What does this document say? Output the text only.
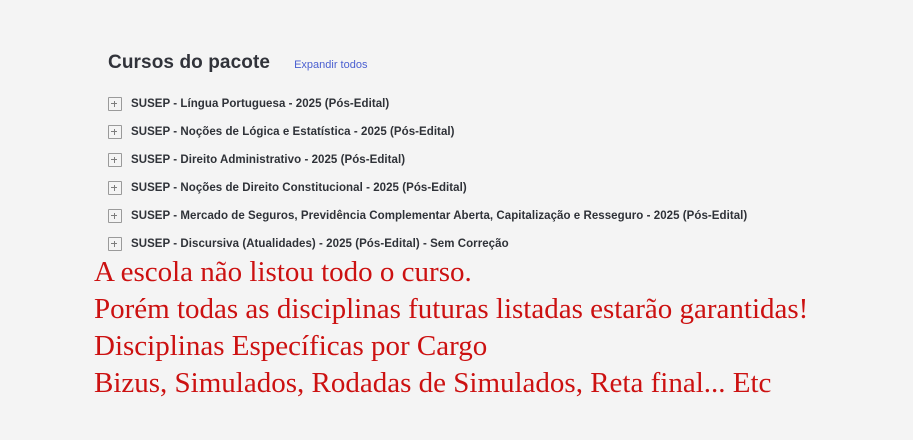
Cursos do pacote Expandir todos
SUSEP - Língua Portuguesa - 2025 (Pós-Edital)
SUSEP - Noções de Lógica e Estatística - 2025 (Pós-Edital)
SUSEP - Direito Administrativo - 2025 (Pós-Edital)
SUSEP - Noções de Direito Constitucional - 2025 (Pós-Edital)
SUSEP - Mercado de Seguros, Previdência Complementar Aberta, Capitalização e Resseguro - 2025 (Pós-Edital)
SUSEP - Discursiva (Atualidades) - 2025 (Pós-Edital) - Sem Correção
A escola não listou todo o curso.
Porém todas as disciplinas futuras listadas estarão garantidas!
Disciplinas Específicas por Cargo
Bizus, Simulados, Rodadas de Simulados, Reta final... Etc
